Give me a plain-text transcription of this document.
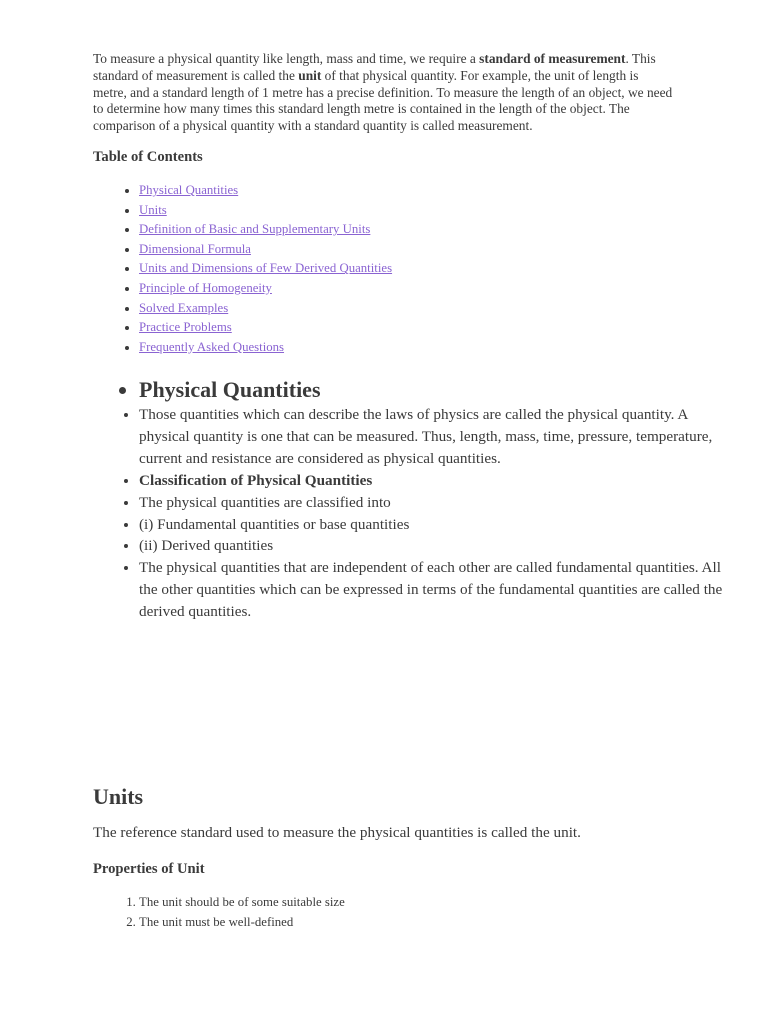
To measure a physical quantity like length, mass and time, we require a standard of measurement. This standard of measurement is called the unit of that physical quantity. For example, the unit of length is metre, and a standard length of 1 metre has a precise definition. To measure the length of an object, we need to determine how many times this standard length metre is contained in the length of the object. The comparison of a physical quantity with a standard quantity is called measurement.

Table of Contents

• Physical Quantities
• Units
• Definition of Basic and Supplementary Units
• Dimensional Formula
• Units and Dimensions of Few Derived Quantities
• Principle of Homogeneity
• Solved Examples
• Practice Problems
• Frequently Asked Questions
• Physical Quantities
• Those quantities which can describe the laws of physics are called the physical quantity. A physical quantity is one that can be measured. Thus, length, mass, time, pressure, temperature, current and resistance are considered as physical quantities.
• Classification of Physical Quantities
• The physical quantities are classified into
• (i) Fundamental quantities or base quantities
• (ii) Derived quantities
• The physical quantities that are independent of each other are called fundamental quantities. All the other quantities which can be expressed in terms of the fundamental quantities are called the derived quantities.
Units

The reference standard used to measure the physical quantities is called the unit.

Properties of Unit

1. The unit should be of some suitable size
2. The unit must be well-defined
